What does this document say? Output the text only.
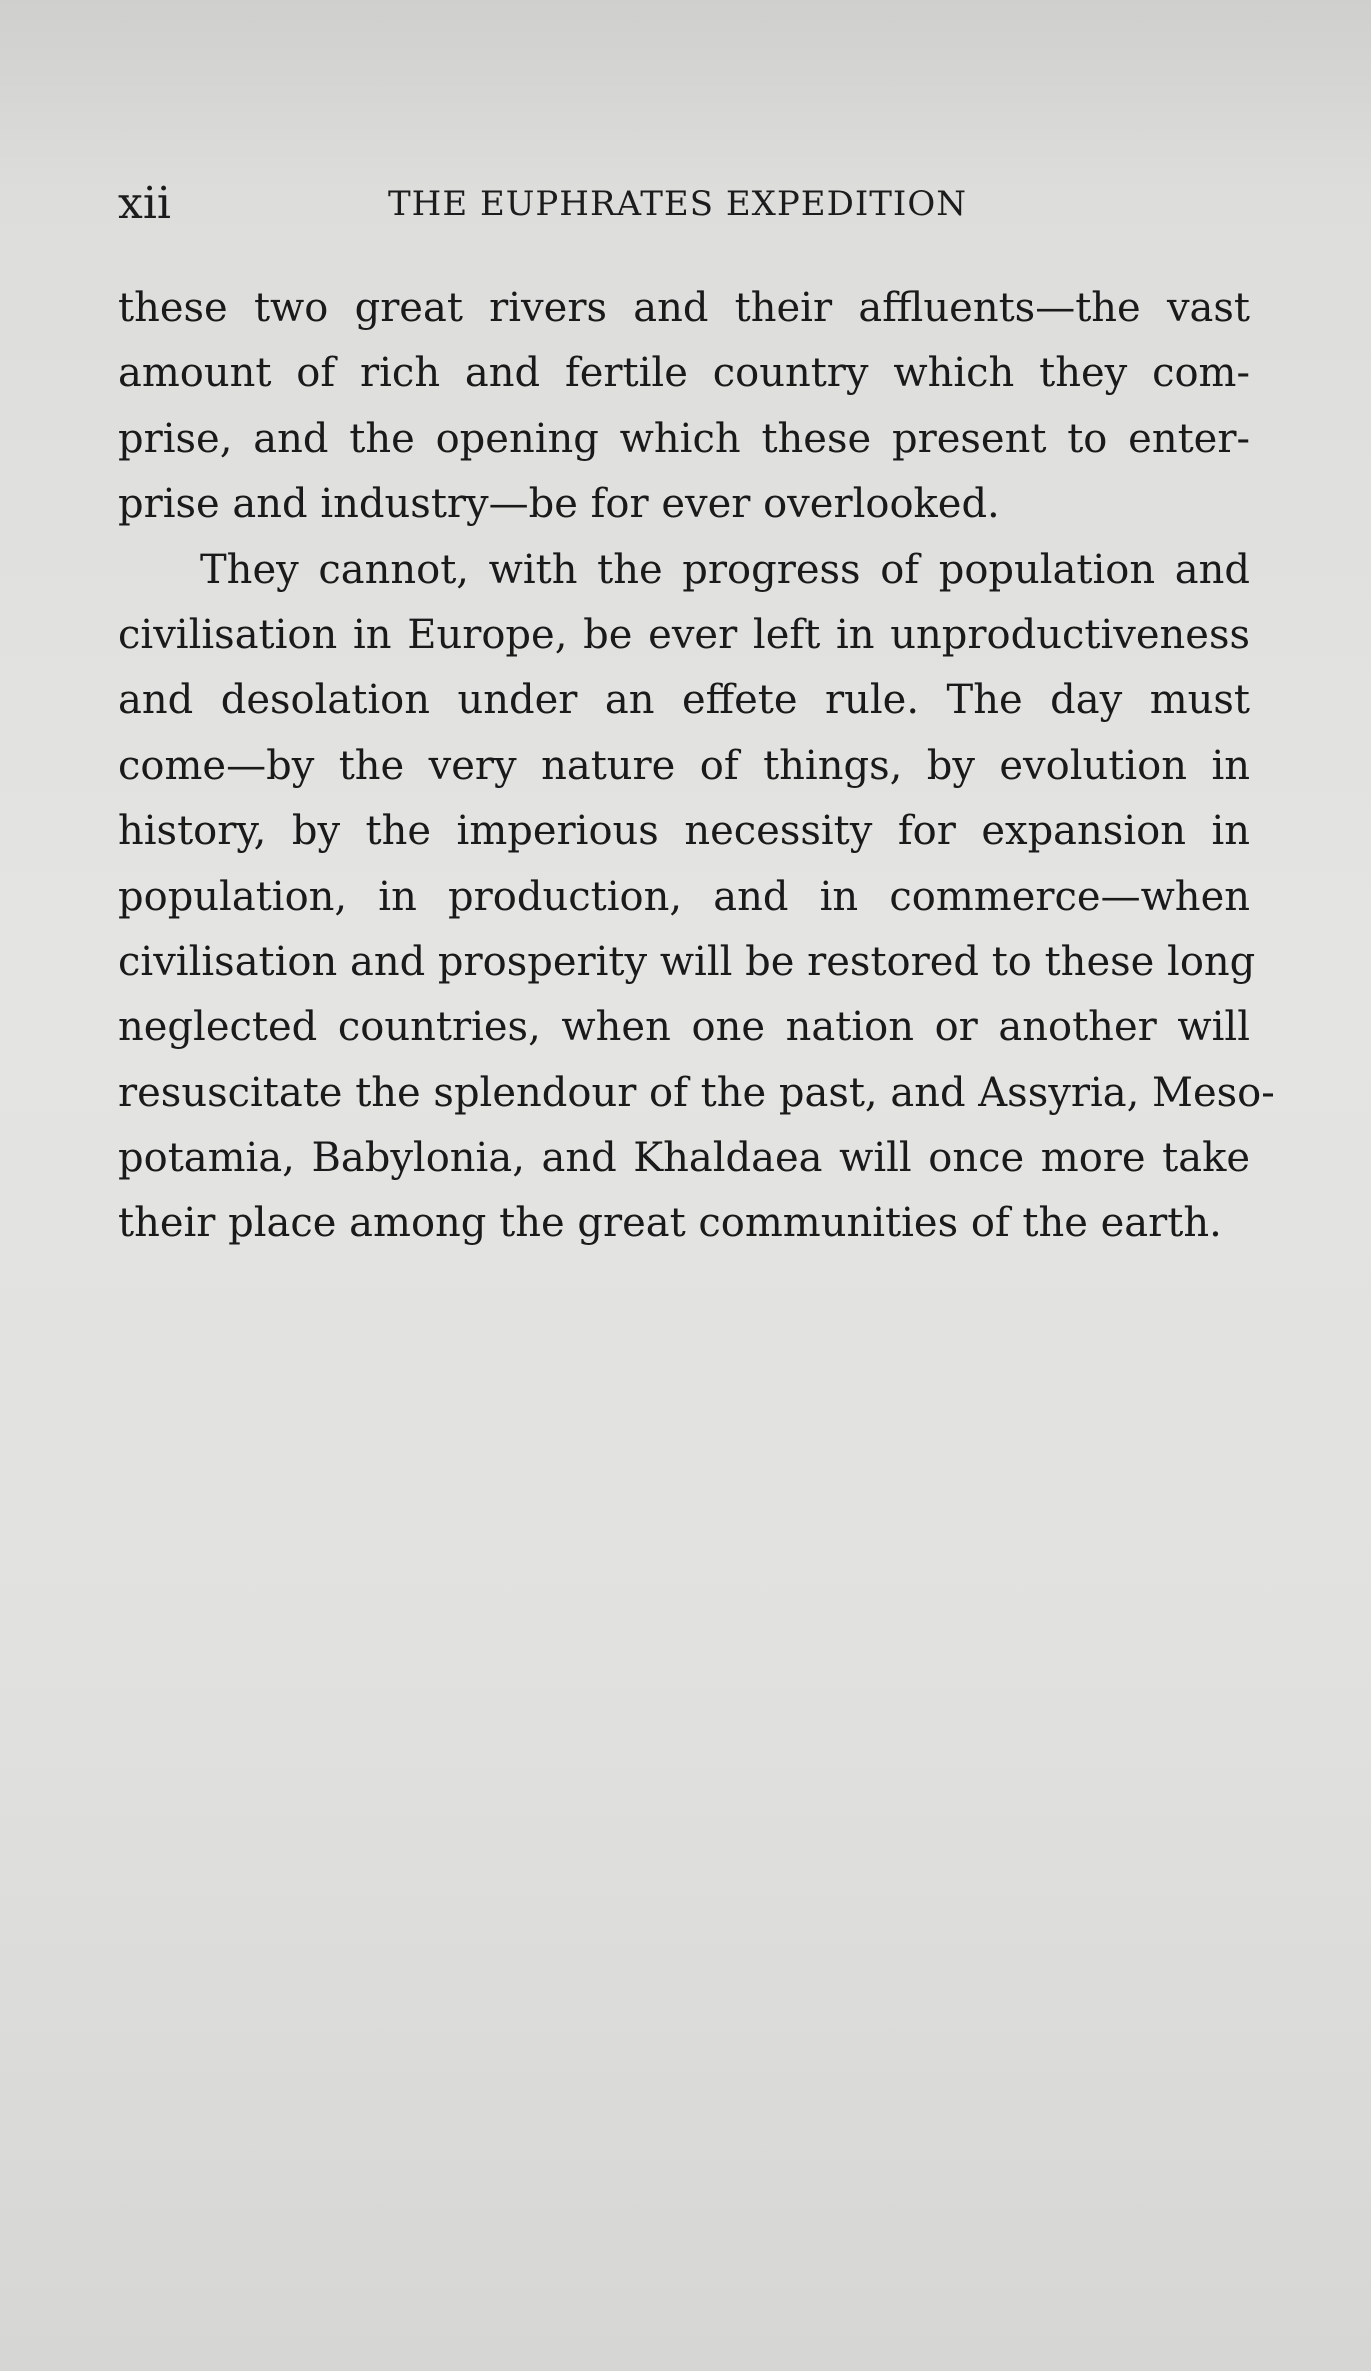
xii	THE EUPHRATES EXPEDITION

these two great rivers and their affluents—the vast
amount of rich and fertile country which they com-
prise, and the opening which these present to enter-
prise and industry—be for ever overlooked.

They cannot, with the progress of population and
civilisation in Europe, be ever left in unproductiveness
and desolation under an effete rule. The day must
come—by the very nature of things, by evolution in
history, by the imperious necessity for expansion in
population, in production, and in commerce—when
civilisation and prosperity will be restored to these long
neglected countries, when one nation or another will
resuscitate the splendour of the past, and Assyria, Meso-
potamia, Babylonia, and Khaldaea will once more take
their place among the great communities of the earth.
